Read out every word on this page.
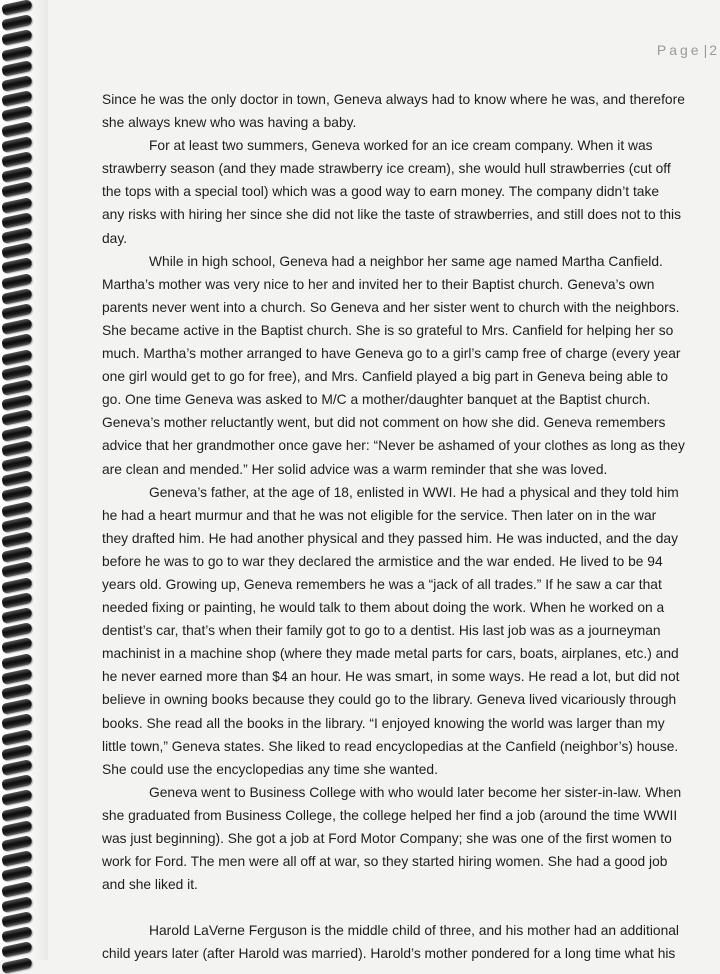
Page | 2
Since he was the only doctor in town, Geneva always had to know where he was, and therefore
she always knew who was having a baby.
For at least two summers, Geneva worked for an ice cream company. When it was
strawberry season (and they made strawberry ice cream), she would hull strawberries (cut off
the tops with a special tool) which was a good way to earn money. The company didn’t take
any risks with hiring her since she did not like the taste of strawberries, and still does not to this
day.
While in high school, Geneva had a neighbor her same age named Martha Canfield.
Martha’s mother was very nice to her and invited her to their Baptist church. Geneva’s own
parents never went into a church. So Geneva and her sister went to church with the neighbors.
She became active in the Baptist church. She is so grateful to Mrs. Canfield for helping her so
much. Martha’s mother arranged to have Geneva go to a girl’s camp free of charge (every year
one girl would get to go for free), and Mrs. Canfield played a big part in Geneva being able to
go. One time Geneva was asked to M/C a mother/daughter banquet at the Baptist church.
Geneva’s mother reluctantly went, but did not comment on how she did. Geneva remembers
advice that her grandmother once gave her: “Never be ashamed of your clothes as long as they
are clean and mended.” Her solid advice was a warm reminder that she was loved.
Geneva’s father, at the age of 18, enlisted in WWI. He had a physical and they told him
he had a heart murmur and that he was not eligible for the service. Then later on in the war
they drafted him. He had another physical and they passed him. He was inducted, and the day
before he was to go to war they declared the armistice and the war ended. He lived to be 94
years old. Growing up, Geneva remembers he was a “jack of all trades.” If he saw a car that
needed fixing or painting, he would talk to them about doing the work. When he worked on a
dentist’s car, that’s when their family got to go to a dentist. His last job was as a journeyman
machinist in a machine shop (where they made metal parts for cars, boats, airplanes, etc.) and
he never earned more than $4 an hour. He was smart, in some ways. He read a lot, but did not
believe in owning books because they could go to the library. Geneva lived vicariously through
books. She read all the books in the library. “I enjoyed knowing the world was larger than my
little town,” Geneva states. She liked to read encyclopedias at the Canfield (neighbor’s) house.
She could use the encyclopedias any time she wanted.
Geneva went to Business College with who would later become her sister-in-law. When
she graduated from Business College, the college helped her find a job (around the time WWII
was just beginning). She got a job at Ford Motor Company; she was one of the first women to
work for Ford. The men were all off at war, so they started hiring women. She had a good job
and she liked it.
Harold LaVerne Ferguson is the middle child of three, and his mother had an additional
child years later (after Harold was married). Harold’s mother pondered for a long time what his
